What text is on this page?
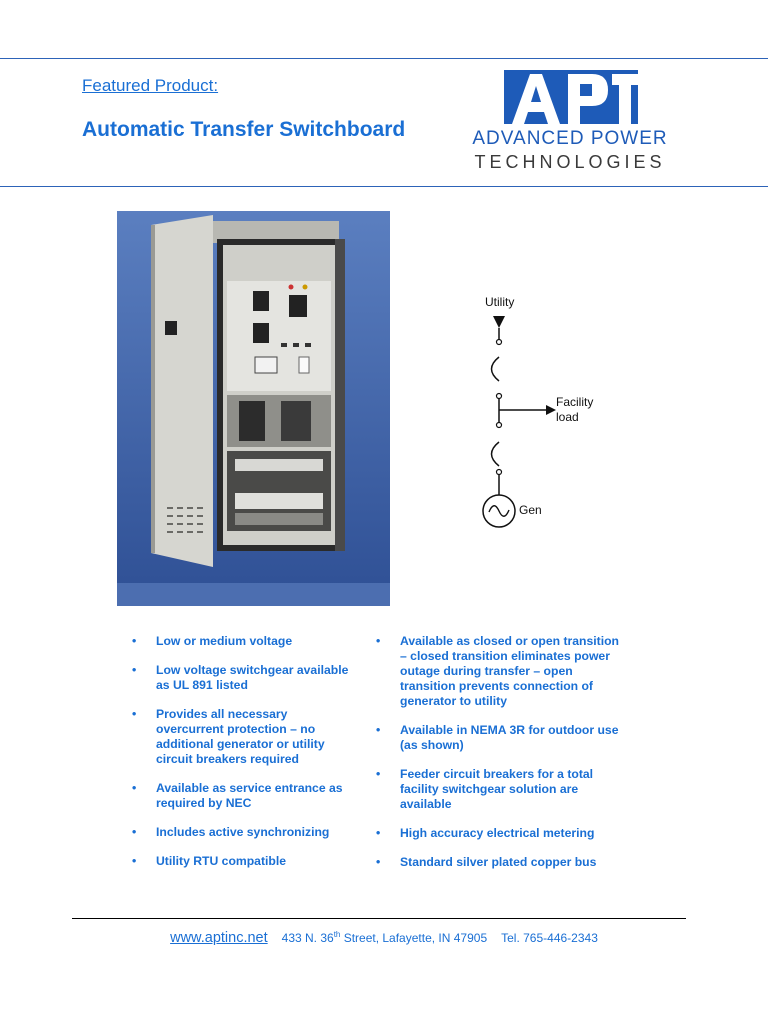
Featured Product:
Automatic Transfer Switchboard	ADVANCED POWER
TECHNOLOGIES
Utility
Facility
load
Gen
• Low or medium voltage
• Low voltage switchgear available
as UL 891 listed
• Provides all necessary
overcurrent protection – no
additional generator or utility
circuit breakers required
• Available as service entrance as
required by NEC
• Includes active synchronizing
• Utility RTU compatible
• Available as closed or open transition
– closed transition eliminates power
outage during transfer – open
transition prevents connection of
generator to utility
• Available in NEMA 3R for outdoor use
(as shown)
• Feeder circuit breakers for a total
facility switchgear solution are
available
• High accuracy electrical metering
• Standard silver plated copper bus
www.aptinc.net 433 N. 36th Street, Lafayette, IN 47905 Tel. 765-446-2343
